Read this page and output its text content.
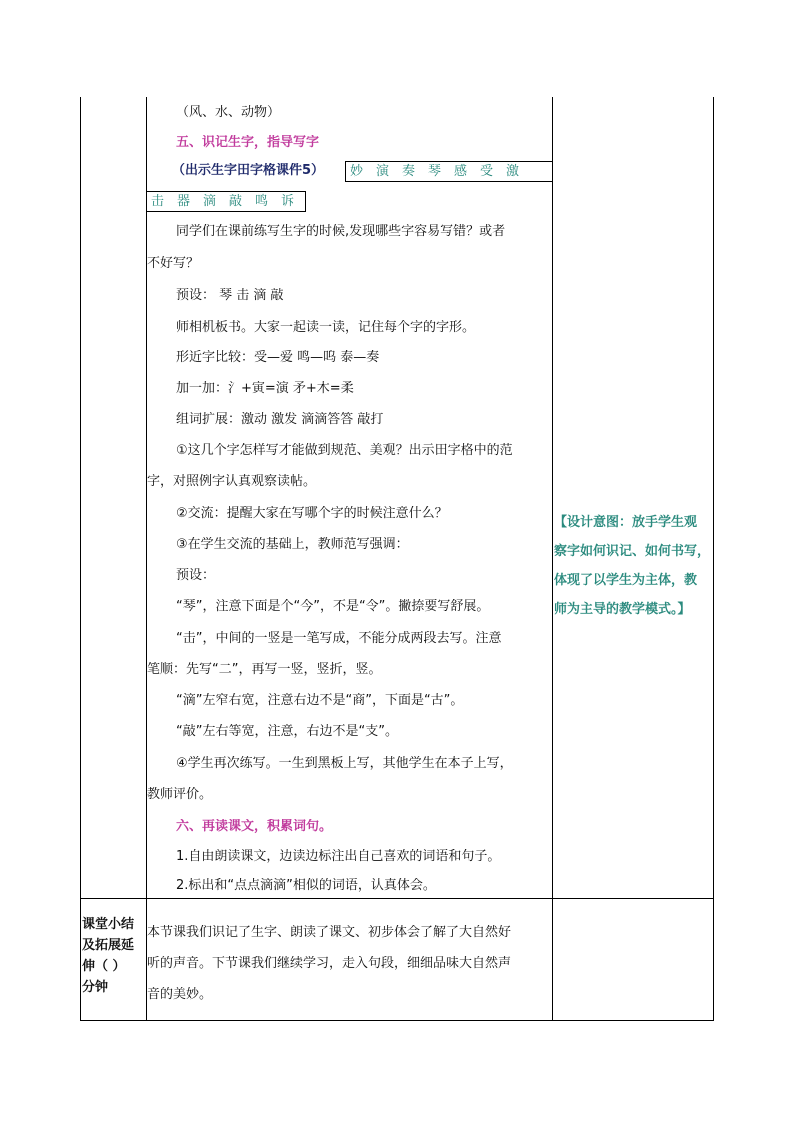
（风、水、动物）
五、识记生字，指导写字
（出示生字田字格课件5）	妙　演　奏　琴　感　受　激
击　器　滴　敲　鸣　诉
同学们在课前练写生字的时候,发现哪些字容易写错？或者
不好写？
预设： 琴 击 滴 敲
师相机板书。大家一起读一读，记住每个字的字形。
形近字比较：受—爱 鸣—呜 泰—奏
加一加：氵+寅=演 矛+木=柔
组词扩展：激动 激发 滴滴答答 敲打
①这几个字怎样写才能做到规范、美观？出示田字格中的范
字，对照例字认真观察读帖。
②交流：提醒大家在写哪个字的时候注意什么？
③在学生交流的基础上，教师范写强调：
预设：
“琴”，注意下面是个“今”，不是“令”。撇捺要写舒展。
“击”，中间的一竖是一笔写成，不能分成两段去写。注意
笔顺：先写“二”，再写一竖，竖折，竖。
“滴”左窄右宽，注意右边不是“商”，下面是“古”。
“敲”左右等宽，注意，右边不是“支”。
④学生再次练写。一生到黑板上写，其他学生在本子上写，
教师评价。
六、再读课文，积累词句。
1.自由朗读课文，边读边标注出自己喜欢的词语和句子。
2.标出和“点点滴滴”相似的词语，认真体会。
【设计意图：放手学生观
察字如何识记、如何书写，
体现了以学生为主体，教
师为主导的教学模式。】
课堂小结
及拓展延
伸（ ）
分钟
本节课我们识记了生字、朗读了课文、初步体会了解了大自然好
听的声音。下节课我们继续学习，走入句段，细细品味大自然声
音的美妙。
